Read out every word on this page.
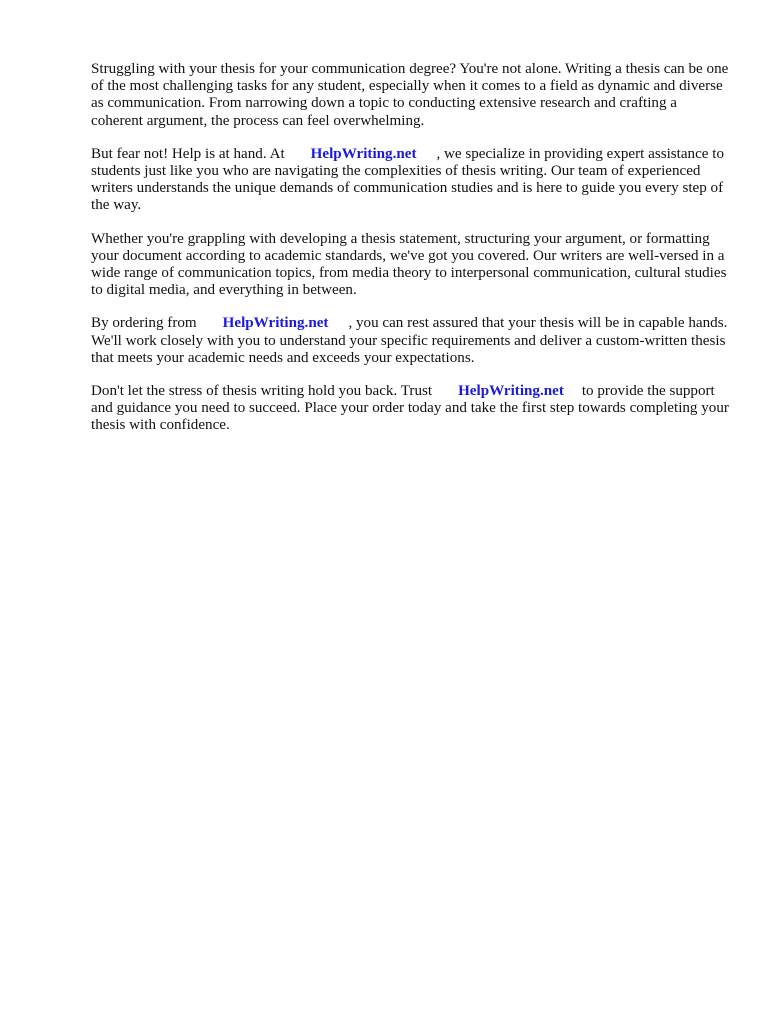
Struggling with your thesis for your communication degree? You're not alone. Writing a thesis can be one of the most challenging tasks for any student, especially when it comes to a field as dynamic and diverse as communication. From narrowing down a topic to conducting extensive research and crafting a coherent argument, the process can feel overwhelming.

But fear not! Help is at hand. At HelpWriting.net , we specialize in providing expert assistance to students just like you who are navigating the complexities of thesis writing. Our team of experienced writers understands the unique demands of communication studies and is here to guide you every step of the way.

Whether you're grappling with developing a thesis statement, structuring your argument, or formatting your document according to academic standards, we've got you covered. Our writers are well-versed in a wide range of communication topics, from media theory to interpersonal communication, cultural studies to digital media, and everything in between.

By ordering from HelpWriting.net , you can rest assured that your thesis will be in capable hands. We'll work closely with you to understand your specific requirements and deliver a custom-written thesis that meets your academic needs and exceeds your expectations.

Don't let the stress of thesis writing hold you back. Trust HelpWriting.net to provide the support and guidance you need to succeed. Place your order today and take the first step towards completing your thesis with confidence.
